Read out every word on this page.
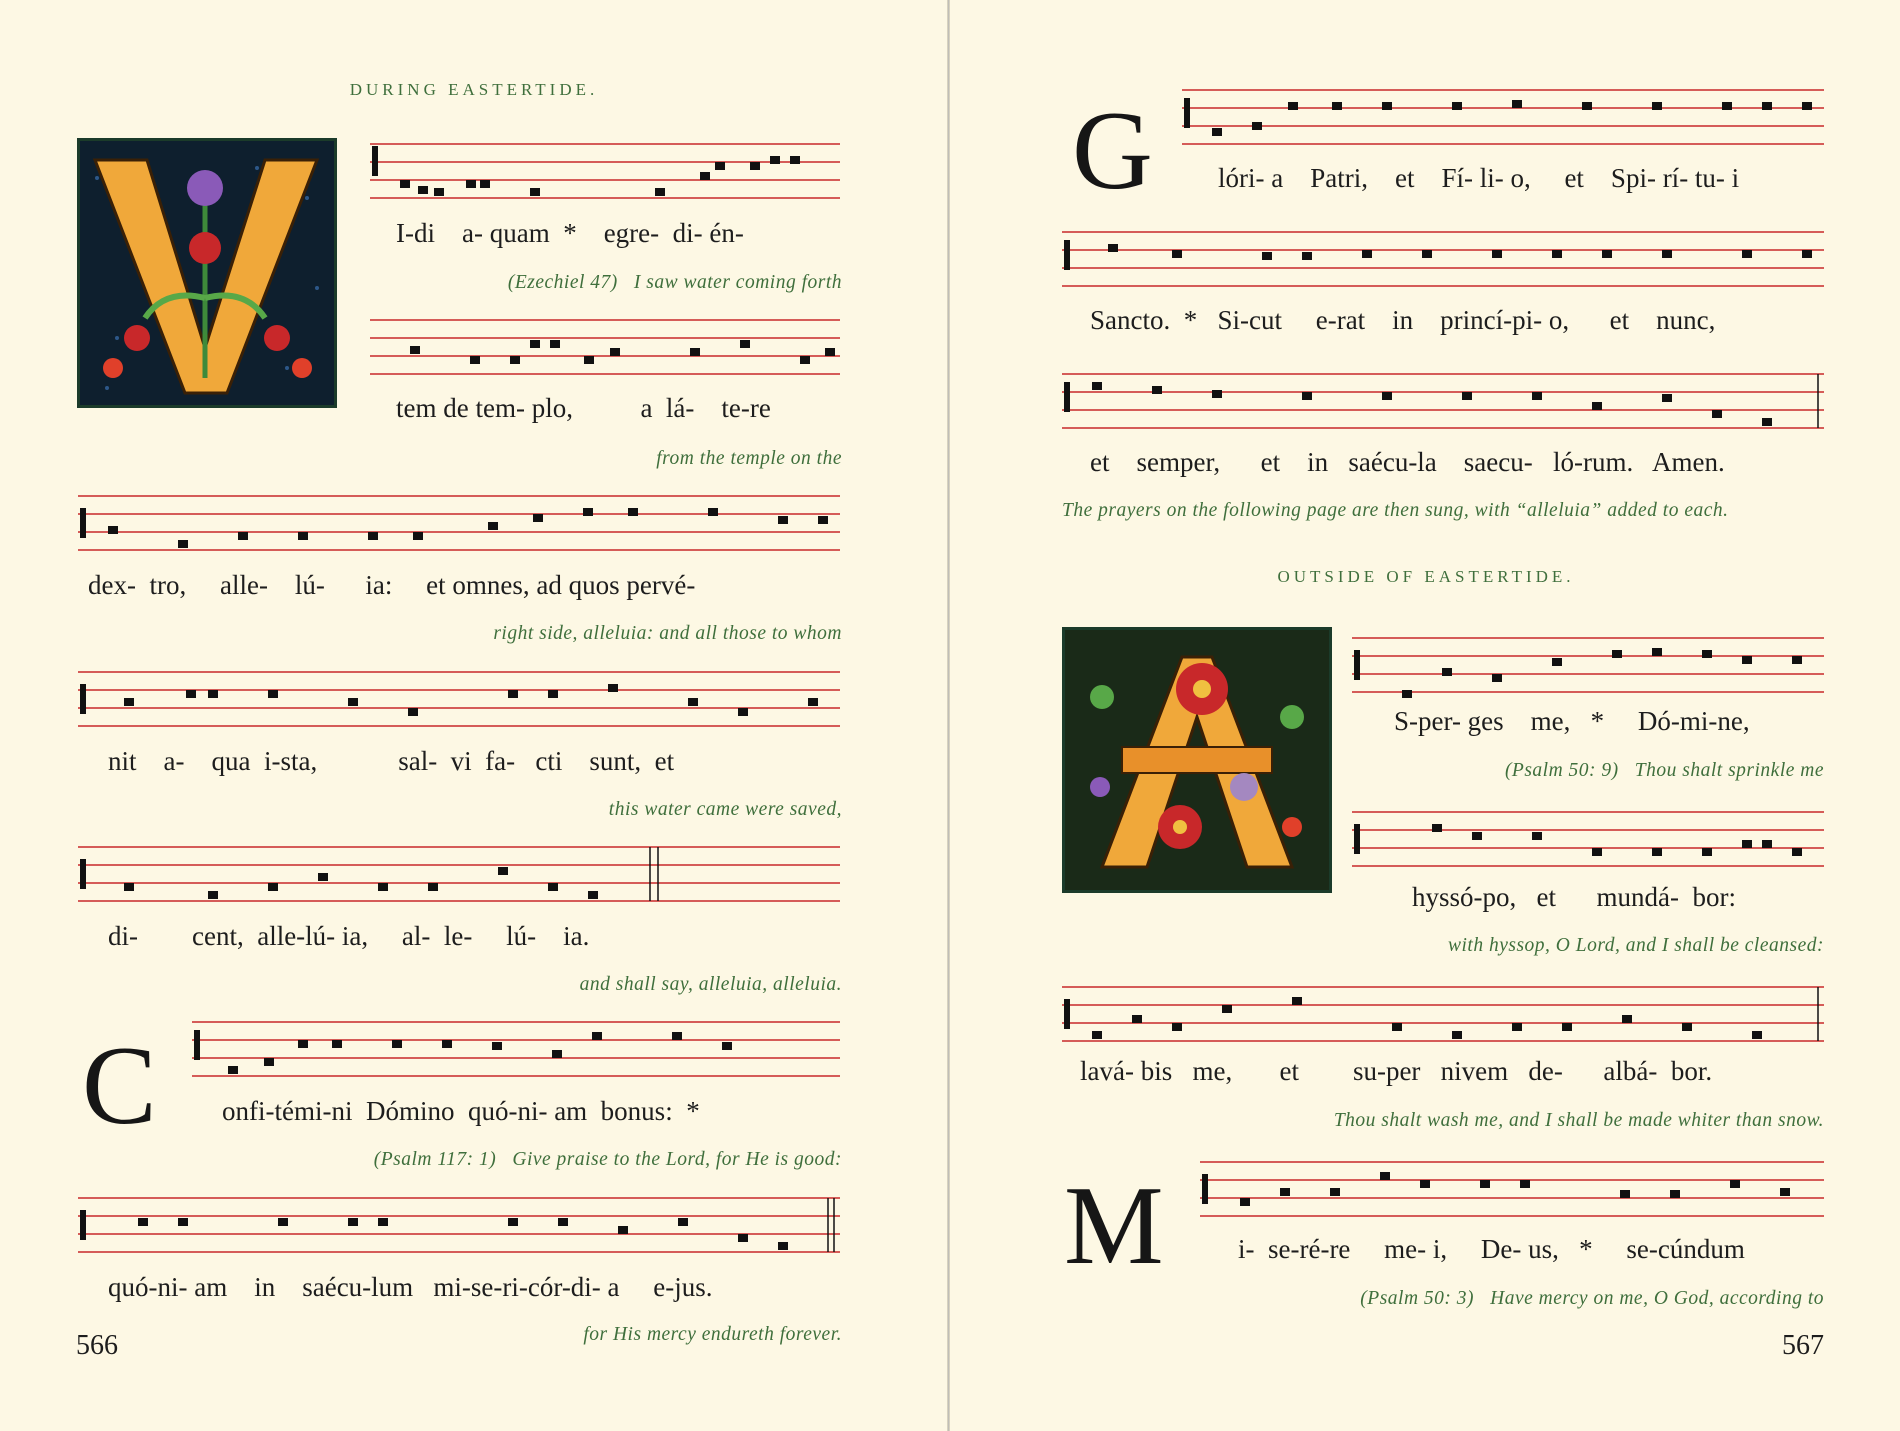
DURING EASTERTIDE.
I-di    a- quam  *    egre-  di- én-
(Ezechiel 47)   I saw water coming forth
tem de tem- plo,          a  lá-    te-re
from the temple on the
dex-  tro,     alle-    lú-      ia:     et omnes, ad quos pervé-
right side, alleluia: and all those to whom
nit    a-    qua  i-sta,            sal-  vi  fa-   cti    sunt,  et
this water came were saved,
di-        cent,  alle-lú- ia,     al-  le-     lú-    ia.
and shall say, alleluia, alleluia.
C onfi-témi-ni  Dómino  quó-ni- am  bonus:  *
(Psalm 117: 1)   Give praise to the Lord, for He is good:
quó-ni- am    in    saécu-lum   mi-se-ri-cór-di- a     e-jus.
for His mercy endureth forever.
566
G lóri- a    Patri,    et    Fí- li- o,     et    Spi- rí- tu- i
Sancto.  *   Si-cut     e-rat    in    princí-pi- o,      et    nunc,
et    semper,      et    in   saécu-la    saecu-   ló-rum.   Amen.
The prayers on the following page are then sung, with “alleluia” added to each.
OUTSIDE OF EASTERTIDE.
S-per- ges    me,   *     Dó-mi-ne,
(Psalm 50: 9)   Thou shalt sprinkle me
hyssó-po,   et      mundá-  bor:
with hyssop, O Lord, and I shall be cleansed:
lavá- bis   me,       et        su-per   nivem   de-      albá-  bor.
Thou shalt wash me, and I shall be made whiter than snow.
M	i-  se-ré-re     me- i,     De- us,   *     se-cúndum
(Psalm 50: 3)   Have mercy on me, O God, according to
567
